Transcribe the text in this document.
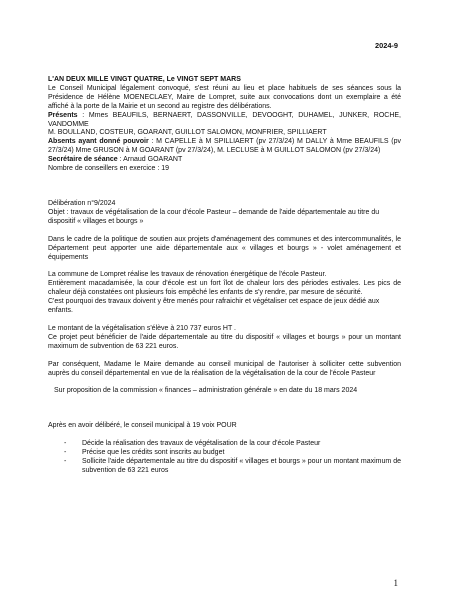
2024-9

L'AN DEUX MILLE VINGT QUATRE, Le VINGT SEPT MARS

Le Conseil Municipal légalement convoqué, s'est réuni au lieu et place habituels de ses séances sous la Présidence de Hélène MOENECLAEY, Maire de Lompret, suite aux convocations dont un exemplaire a été affiché à la porte de la Mairie et un second au registre des délibérations.

Présents : Mmes BEAUFILS, BERNAERT, DASSONVILLE, DEVOOGHT, DUHAMEL, JUNKER, ROCHE, VANDOMME

M. BOULLAND, COSTEUR, GOARANT, GUILLOT SALOMON, MONFRIER, SPILLIAERT

Absents ayant donné pouvoir : M CAPELLE à M SPILLIAERT (pv 27/3/24) M DALLY à Mme BEAUFILS (pv 27/3/24) Mme GRUSON à M GOARANT (pv 27/3/24), M. LECLUSE à M GUILLOT SALOMON (pv 27/3/24)

Secrétaire de séance : Arnaud GOARANT

Nombre de conseillers en exercice : 19

Délibération n°9/2024

Objet : travaux de végétalisation de la cour d'école Pasteur – demande de l'aide départementale au titre du dispositif « villages et bourgs »

Dans le cadre de la politique de soutien aux projets d'aménagement des communes et des intercommunalités, le Département peut apporter une aide départementale aux « villages et bourgs » - volet aménagement et équipements

La commune de Lompret réalise les travaux de rénovation énergétique de l'école Pasteur.

Entièrement macadamisée, la cour d'école est un fort îlot de chaleur lors des périodes estivales. Les pics de chaleur déjà constatées ont plusieurs fois empêché les enfants de s'y rendre, par mesure de sécurité.

C'est pourquoi des travaux doivent y être menés pour rafraichir et végétaliser cet espace de jeux dédié aux enfants.

Le montant de la végétalisation s'élève à 210 737 euros HT .

Ce projet peut bénéficier de l'aide départementale au titre du dispositif « villages et bourgs » pour un montant maximum de subvention de 63 221 euros.

Par conséquent, Madame le Maire demande au conseil municipal de l'autoriser à solliciter cette subvention auprès du conseil départemental en vue de la réalisation de la végétalisation de la cour de l'école Pasteur

Sur proposition de la commission « finances – administration générale » en date du 18 mars 2024

Après en avoir délibéré, le conseil municipal à 19 voix POUR

- Décide la réalisation des travaux de végétalisation de la cour d'école Pasteur
- Précise que les crédits sont inscrits au budget
- Sollicite l'aide départementale au titre du dispositif « villages et bourgs » pour un montant maximum de subvention de 63 221 euros
1
